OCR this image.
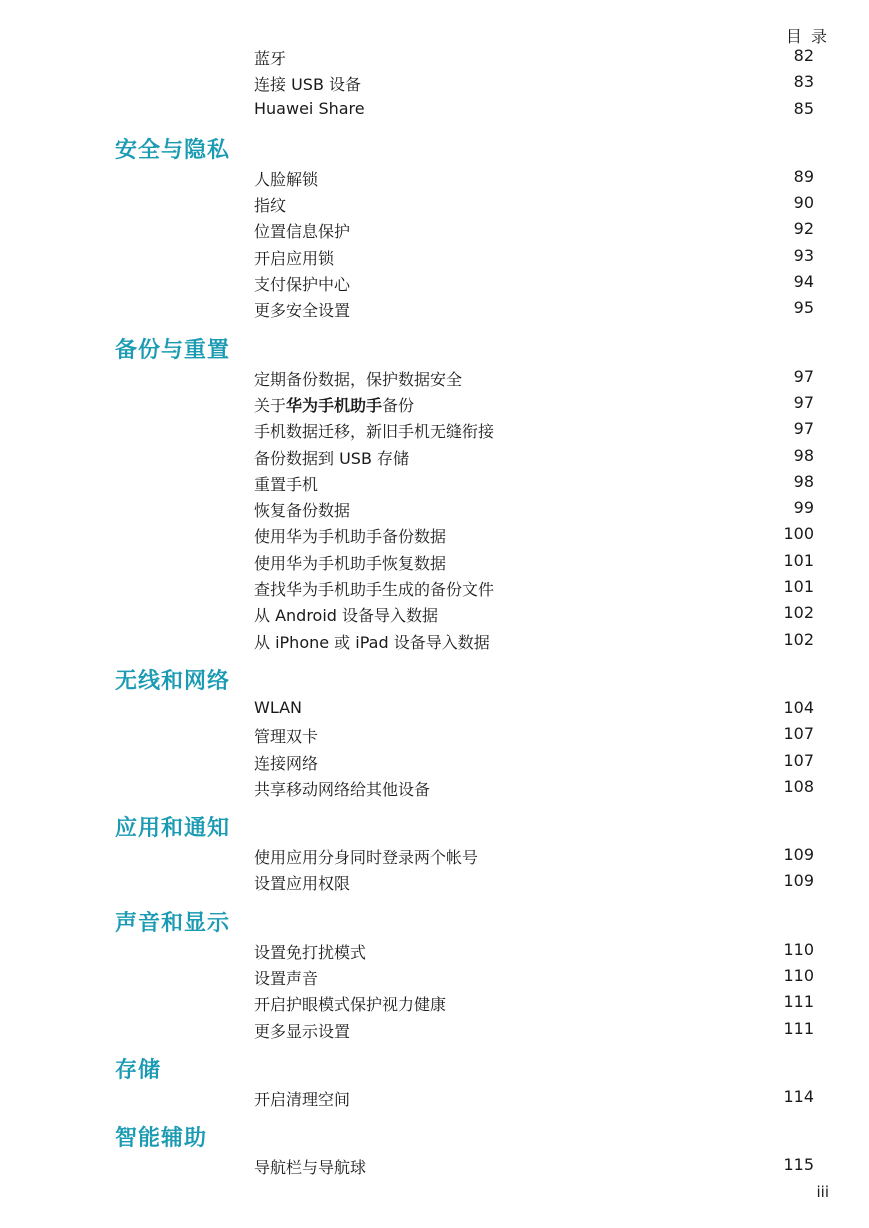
目 录
蓝牙	82
连接 USB 设备	83
Huawei Share	85
安全与隐私
人脸解锁	89
指纹	90
位置信息保护	92
开启应用锁	93
支付保护中心	94
更多安全设置	95
备份与重置
定期备份数据，保护数据安全	97
关于华为手机助手备份	97
手机数据迁移，新旧手机无缝衔接	97
备份数据到 USB 存储	98
重置手机	98
恢复备份数据	99
使用华为手机助手备份数据	100
使用华为手机助手恢复数据	101
查找华为手机助手生成的备份文件	101
从 Android 设备导入数据	102
从 iPhone 或 iPad 设备导入数据	102
无线和网络
WLAN	104
管理双卡	107
连接网络	107
共享移动网络给其他设备	108
应用和通知
使用应用分身同时登录两个帐号	109
设置应用权限	109
声音和显示
设置免打扰模式	110
设置声音	110
开启护眼模式保护视力健康	111
更多显示设置	111
存储
开启清理空间	114
智能辅助
导航栏与导航球	115
iii
